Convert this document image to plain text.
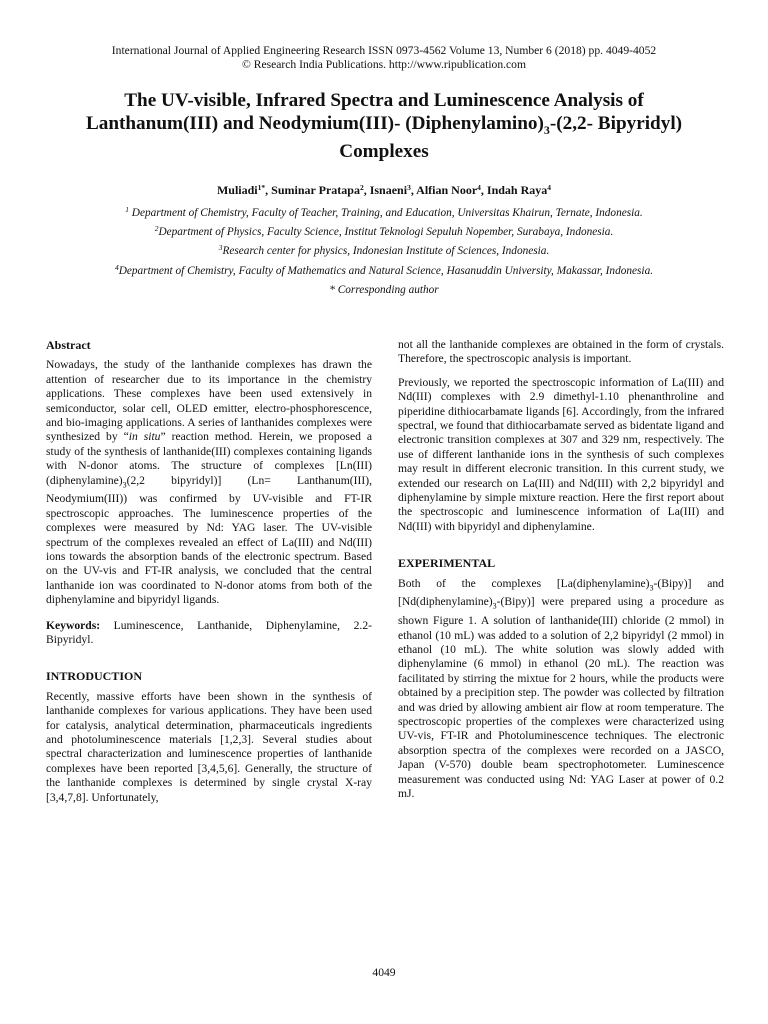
International Journal of Applied Engineering Research ISSN 0973-4562 Volume 13, Number 6 (2018) pp. 4049-4052
© Research India Publications. http://www.ripublication.com
The UV-visible, Infrared Spectra and Luminescence Analysis of
Lanthanum(III) and Neodymium(III)- $(Diphenylamino)_3-(2,2-$ Bipyridyl)
Complexes
Muliadi$^{1*}$, Suminar Pratapa$^2$, Isnaeni$^3$, Alfian Noor$^4$, Indah Raya$^4$
$^1$ Department of Chemistry, Faculty of Teacher, Training, and Education, Universitas Khairun, Ternate, Indonesia.
$^2$Department of Physics, Faculty Science, Institut Teknologi Sepuluh Nopember, Surabaya, Indonesia.
$^3$Research center for physics, Indonesian Institute of Sciences, Indonesia.
$^4$Department of Chemistry, Faculty of Mathematics and Natural Science, Hasanuddin University, Makassar, Indonesia.
* Corresponding author
Abstract

Nowadays, the study of the lanthanide complexes has drawn the attention of researcher due to its importance in the chemistry applications. These complexes have been used extensively in semiconductor, solar cell, OLED emitter, electro-phosphorescence, and bio-imaging applications. A series of lanthanides complexes were synthesized by “in situ” reaction method. Herein, we proposed a study of the synthesis of lanthanide(III) complexes containing ligands with N-donor atoms. The structure of complexes [$Ln(III)(diphenylamine)_3(2,2$ bipyridyl)] (Ln= Lanthanum(III), Neodymium(III)) was confirmed by UV-visible and FT-IR spectroscopic approaches. The luminescence properties of the complexes were measured by Nd: YAG laser. The UV-visible spectrum of the complexes revealed an effect of La(III) and Nd(III) ions towards the absorption bands of the electronic spectrum. Based on the UV-vis and FT-IR analysis, we concluded that the central lanthanide ion was coordinated to N-donor atoms from both of the diphenylamine and bipyridyl ligands.

Keywords: Luminescence, Lanthanide, Diphenylamine, 2.2-Bipyridyl.

INTRODUCTION

Recently, massive efforts have been shown in the synthesis of lanthanide complexes for various applications. They have been used for catalysis, analytical determination, pharmaceuticals ingredients and photoluminescence materials [1,2,3]. Several studies about spectral characterization and luminescence properties of lanthanide complexes have been reported [3,4,5,6]. Generally, the structure of the lanthanide complexes is determined by single crystal X-ray [3,4,7,8]. Unfortunately,

not all the lanthanide complexes are obtained in the form of crystals. Therefore, the spectroscopic analysis is important.

Previously, we reported the spectroscopic information of La(III) and Nd(III) complexes with 2.9 dimethyl-1.10 phenanthroline and piperidine dithiocarbamate ligands [6]. Accordingly, from the infrared spectral, we found that dithiocarbamate served as bidentate ligand and electronic transition complexes at 307 and 329 nm, respectively. The use of different lanthanide ions in the synthesis of such complexes may result in different elecronic transition. In this current study, we extended our research on La(III) and Nd(III) with 2,2 bipyridyl and diphenylamine by simple mixture reaction. Here the first report about the spectroscopic and luminescence information of La(III) and Nd(III) with bipyridyl and diphenylamine.

EXPERIMENTAL

Both of the complexes $[La(diphenylamine)_3-(Bipy)]$ and $[Nd(diphenylamine)_3-(Bipy)]$ were prepared using a procedure as shown Figure 1. A solution of lanthanide(III) chloride (2 mmol) in ethanol (10 mL) was added to a solution of 2,2 bipyridyl (2 mmol) in ethanol (10 mL). The white solution was slowly added with diphenylamine (6 mmol) in ethanol (20 mL). The reaction was facilitated by stirring the mixtue for 2 hours, while the products were obtained by a precipition step. The powder was collected by filtration and was dried by allowing ambient air flow at room temperature. The spectroscopic properties of the complexes were characterized using UV-vis, FT-IR and Photoluminescence techniques. The electronic absorption spectra of the complexes were recorded on a JASCO, Japan (V-570) double beam spectrophotometer. Luminescence measurement was conducted using Nd: YAG Laser at power of 0.2 mJ.

4049
